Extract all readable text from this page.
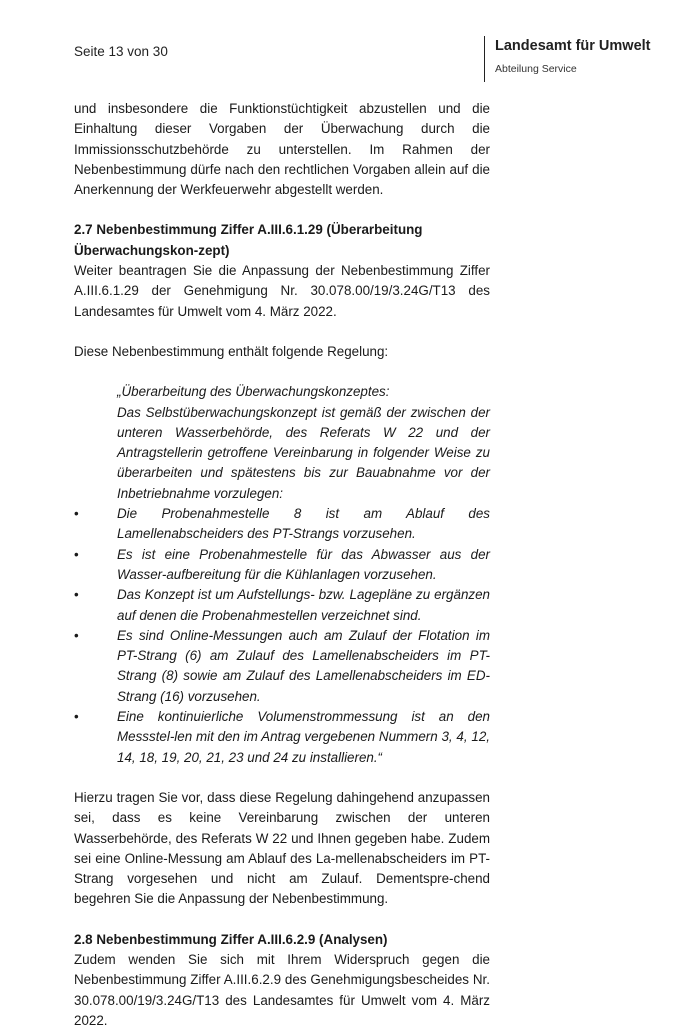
Seite 13 von 30	Landesamt für Umwelt
Abteilung Service

und insbesondere die Funktionstüchtigkeit abzustellen und die Einhaltung dieser Vorgaben der Überwachung durch die Immissionsschutzbehörde zu unterstellen. Im Rahmen der Nebenbestimmung dürfe nach den rechtlichen Vorgaben allein auf die Anerkennung der Werkfeuerwehr abgestellt werden.

2.7 Nebenbestimmung Ziffer A.III.6.1.29 (Überarbeitung Überwachungskon-zept)

Weiter beantragen Sie die Anpassung der Nebenbestimmung Ziffer A.III.6.1.29 der Genehmigung Nr. 30.078.00/19/3.24G/T13 des Landesamtes für Umwelt vom 4. März 2022.

Diese Nebenbestimmung enthält folgende Regelung:

„Überarbeitung des Überwachungskonzeptes:

Das Selbstüberwachungskonzept ist gemäß der zwischen der unteren Wasserbehörde, des Referats W 22 und der Antragstellerin getroffene Vereinbarung in folgender Weise zu überarbeiten und spätestens bis zur Bauabnahme vor der Inbetriebnahme vorzulegen:

•	Die Probenahmestelle 8 ist am Ablauf des Lamellenabscheiders des PT-Strangs vorzusehen.
•	Es ist eine Probenahmestelle für das Abwasser aus der Wasser-aufbereitung für die Kühlanlagen vorzusehen.
•	Das Konzept ist um Aufstellungs- bzw. Lagepläne zu ergänzen auf denen die Probenahmestellen verzeichnet sind.
•	Es sind Online-Messungen auch am Zulauf der Flotation im PT-Strang (6) am Zulauf des Lamellenabscheiders im PT-Strang (8) sowie am Zulauf des Lamellenabscheiders im ED-Strang (16) vorzusehen.
•	Eine kontinuierliche Volumenstrommessung ist an den Messstel-len mit den im Antrag vergebenen Nummern 3, 4, 12, 14, 18, 19, 20, 21, 23 und 24 zu installieren.“

Hierzu tragen Sie vor, dass diese Regelung dahingehend anzupassen sei, dass es keine Vereinbarung zwischen der unteren Wasserbehörde, des Referats W 22 und Ihnen gegeben habe. Zudem sei eine Online-Messung am Ablauf des La-mellenabscheiders im PT-Strang vorgesehen und nicht am Zulauf. Dementspre-chend begehren Sie die Anpassung der Nebenbestimmung.

2.8 Nebenbestimmung Ziffer A.III.6.2.9 (Analysen)

Zudem wenden Sie sich mit Ihrem Widerspruch gegen die Nebenbestimmung Ziffer A.III.6.2.9 des Genehmigungsbescheides Nr. 30.078.00/19/3.24G/T13 des Landesamtes für Umwelt vom 4. März 2022.
